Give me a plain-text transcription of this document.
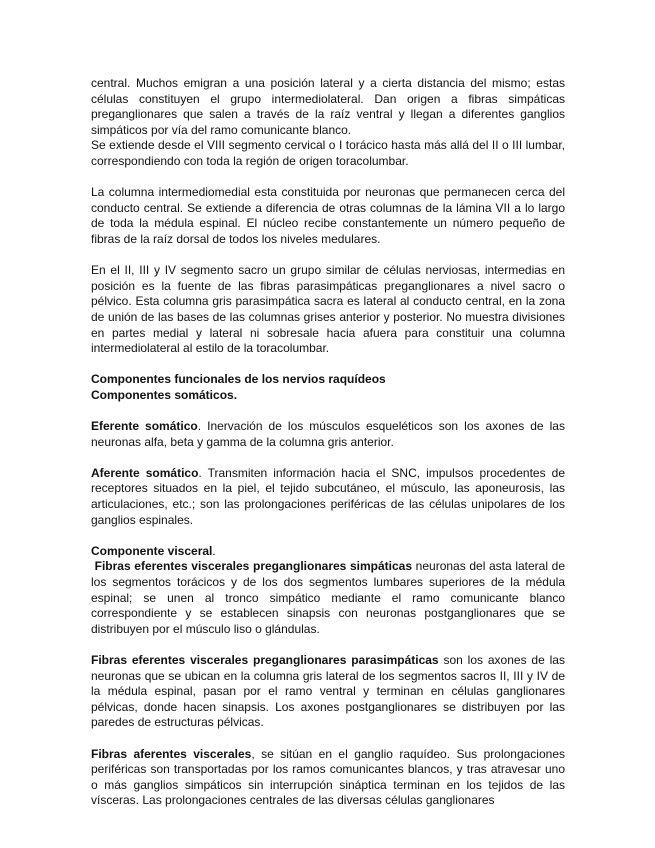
central. Muchos emigran a una posición lateral y a cierta distancia del mismo; estas células constituyen el grupo intermediolateral. Dan origen a fibras simpáticas preganglionares que salen a través de la raíz ventral y llegan a diferentes ganglios simpáticos por vía del ramo comunicante blanco.

Se extiende desde el VIII segmento cervical o I torácico hasta más allá del II o III lumbar, correspondiendo con toda la región de origen toracolumbar.

La columna intermediomedial esta constituida por neuronas que permanecen cerca del conducto central. Se extiende a diferencia de otras columnas de la lámina VII a lo largo de toda la médula espinal. El núcleo recibe constantemente un número pequeño de fibras de la raíz dorsal de todos los niveles medulares.

En el II, III y IV segmento sacro un grupo similar de células nerviosas, intermedias en posición es la fuente de las fibras parasimpáticas preganglionares a nivel sacro o pélvico. Esta columna gris parasimpática sacra es lateral al conducto central, en la zona de unión de las bases de las columnas grises anterior y posterior. No muestra divisiones en partes medial y lateral ni sobresale hacia afuera para constituir una columna intermediolateral al estilo de la toracolumbar.

Componentes funcionales de los nervios raquídeos

Componentes somáticos.

Eferente somático. Inervación de los músculos esqueléticos son los axones de las neuronas alfa, beta y gamma de la columna gris anterior.

Aferente somático. Transmiten información hacia el SNC, impulsos procedentes de receptores situados en la piel, el tejido subcutáneo, el músculo, las aponeurosis, las articulaciones, etc.; son las prolongaciones periféricas de las células unipolares de los ganglios espinales.

Componente visceral.

Fibras eferentes viscerales preganglionares simpáticas neuronas del asta lateral de los segmentos torácicos y de los dos segmentos lumbares superiores de la médula espinal; se unen al tronco simpático mediante el ramo comunicante blanco correspondiente y se establecen sinapsis con neuronas postganglionares que se distribuyen por el músculo liso o glándulas.

Fibras eferentes viscerales preganglionares parasimpáticas son los axones de las neuronas que se ubican en la columna gris lateral de los segmentos sacros II, III y IV de la médula espinal, pasan por el ramo ventral y terminan en células ganglionares pélvicas, donde hacen sinapsis. Los axones postganglionares se distribuyen por las paredes de estructuras pélvicas.

Fibras aferentes viscerales, se sitúan en el ganglio raquídeo. Sus prolongaciones periféricas son transportadas por los ramos comunicantes blancos, y tras atravesar uno o más ganglios simpáticos sin interrupción sináptica terminan en los tejidos de las vísceras. Las prolongaciones centrales de las diversas células ganglionares
